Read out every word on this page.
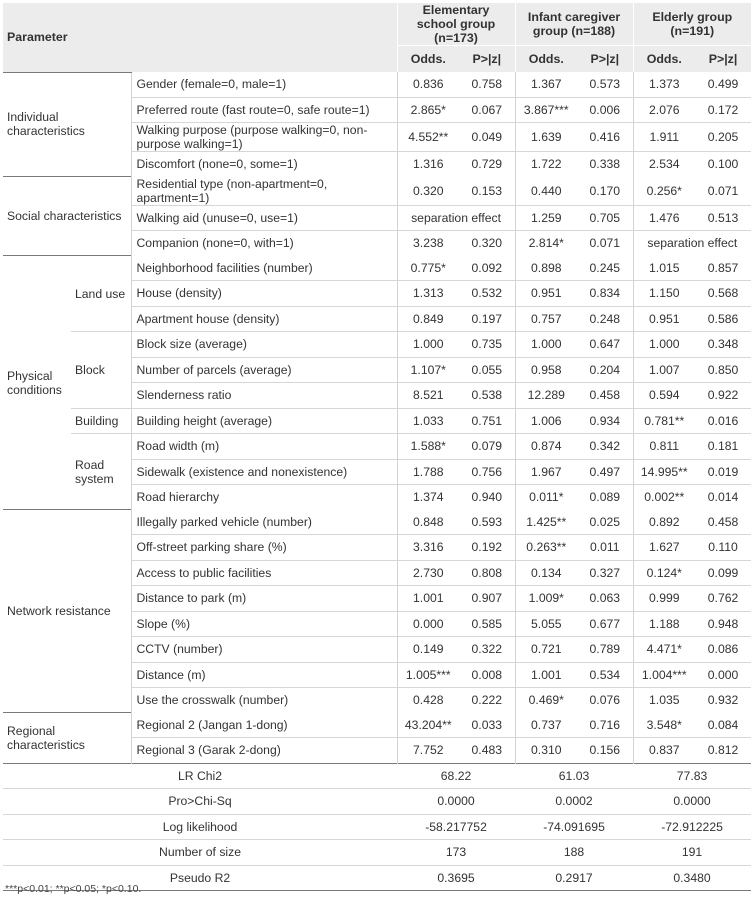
Parameter			Elementary school group (n=173)		Infant caregiver group (n=188)		Elderly group (n=191)	
			Odds.	P>|z|	Odds.	P>|z|	Odds.	P>|z|
Individual characteristics		Gender (female=0, male=1)	0.836	0.758	1.367	0.573	1.373	0.499
		Preferred route (fast route=0, safe route=1)	2.865*	0.067	3.867***	0.006	2.076	0.172
		Walking purpose (purpose walking=0, non-purpose walking=1)	4.552**	0.049	1.639	0.416	1.911	0.205
		Discomfort (none=0, some=1)	1.316	0.729	1.722	0.338	2.534	0.100
Social characteristics		Residential type (non-apartment=0, apartment=1)	0.320	0.153	0.440	0.170	0.256*	0.071
		Walking aid (unuse=0, use=1)	separation effect		1.259	0.705	1.476	0.513
		Companion (none=0, with=1)	3.238	0.320	2.814*	0.071	separation effect	
Physical conditions	Land use	Neighborhood facilities (number)	0.775*	0.092	0.898	0.245	1.015	0.857
		House (density)	1.313	0.532	0.951	0.834	1.150	0.568
		Apartment house (density)	0.849	0.197	0.757	0.248	0.951	0.586
	Block	Block size (average)	1.000	0.735	1.000	0.647	1.000	0.348
		Number of parcels (average)	1.107*	0.055	0.958	0.204	1.007	0.850
		Slenderness ratio	8.521	0.538	12.289	0.458	0.594	0.922
	Building	Building height (average)	1.033	0.751	1.006	0.934	0.781**	0.016
	Road system	Road width (m)	1.588*	0.079	0.874	0.342	0.811	0.181
		Sidewalk (existence and nonexistence)	1.788	0.756	1.967	0.497	14.995**	0.019
		Road hierarchy	1.374	0.940	0.011*	0.089	0.002**	0.014
Network resistance		Illegally parked vehicle (number)	0.848	0.593	1.425**	0.025	0.892	0.458
		Off-street parking share (%)	3.316	0.192	0.263**	0.011	1.627	0.110
		Access to public facilities	2.730	0.808	0.134	0.327	0.124*	0.099
		Distance to park (m)	1.001	0.907	1.009*	0.063	0.999	0.762
		Slope (%)	0.000	0.585	5.055	0.677	1.188	0.948
		CCTV (number)	0.149	0.322	0.721	0.789	4.471*	0.086
		Distance (m)	1.005***	0.008	1.001	0.534	1.004***	0.000
		Use the crosswalk (number)	0.428	0.222	0.469*	0.076	1.035	0.932
Regional characteristics		Regional 2 (Jangan 1-dong)	43.204**	0.033	0.737	0.716	3.548*	0.084
		Regional 3 (Garak 2-dong)	7.752	0.483	0.310	0.156	0.837	0.812
LR Chi2			68.22		61.03		77.83	
Pro>Chi-Sq			0.0000		0.0002		0.0000	
Log likelihood			-58.217752		-74.091695		-72.912225	
Number of size			173		188		191	
Pseudo R2			0.3695		0.2917		0.3480	
***p<0.01; **p<0.05; *p<0.10.
